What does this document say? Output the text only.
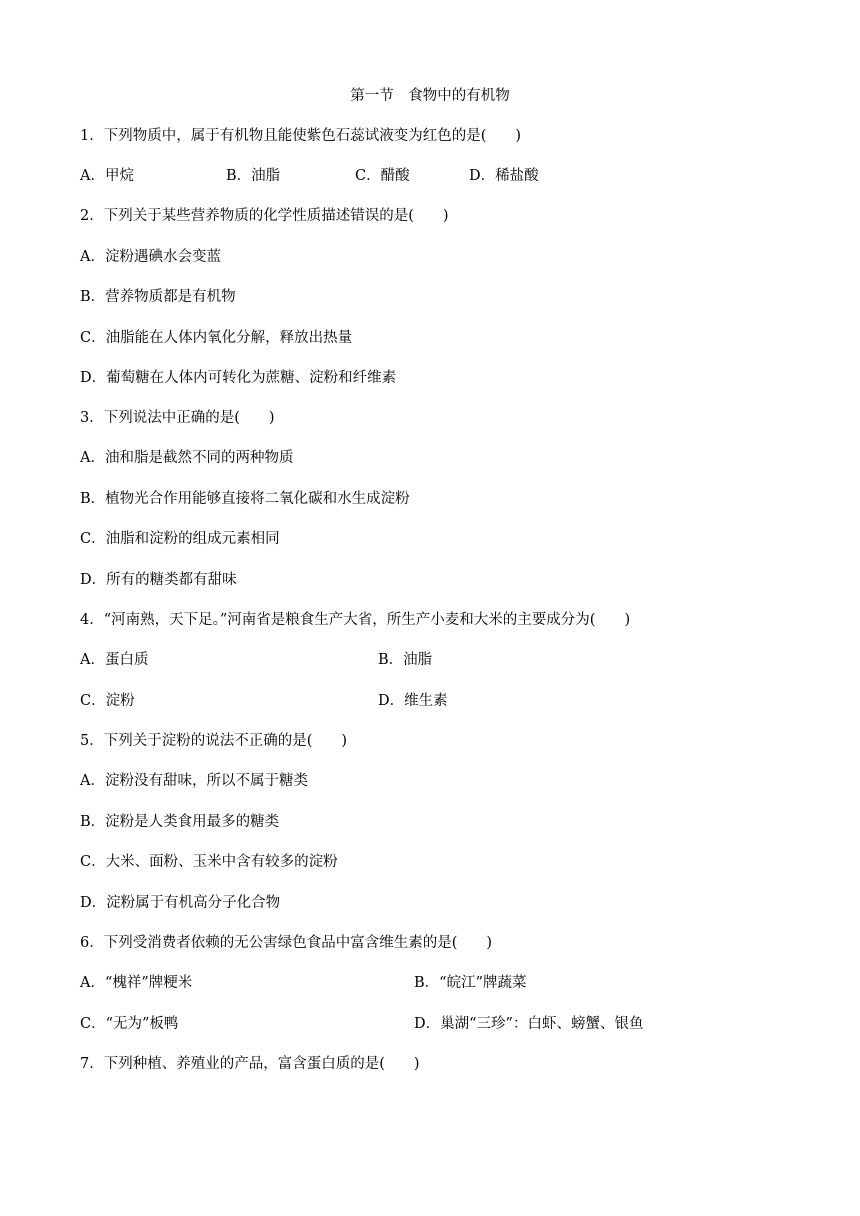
第一节　食物中的有机物
1．下列物质中，属于有机物且能使紫色石蕊试液变为红色的是(　　)
A．甲烷	B．油脂	C．醋酸	D．稀盐酸
2．下列关于某些营养物质的化学性质描述错误的是(　　)
A．淀粉遇碘水会变蓝
B．营养物质都是有机物
C．油脂能在人体内氧化分解，释放出热量
D．葡萄糖在人体内可转化为蔗糖、淀粉和纤维素
3．下列说法中正确的是(　　)
A．油和脂是截然不同的两种物质
B．植物光合作用能够直接将二氧化碳和水生成淀粉
C．油脂和淀粉的组成元素相同
D．所有的糖类都有甜味
4．“河南熟，天下足。”河南省是粮食生产大省，所生产小麦和大米的主要成分为(　　)
A．蛋白质	B．油脂
C．淀粉	D．维生素
5．下列关于淀粉的说法不正确的是(　　)
A．淀粉没有甜味，所以不属于糖类
B．淀粉是人类食用最多的糖类
C．大米、面粉、玉米中含有较多的淀粉
D．淀粉属于有机高分子化合物
6．下列受消费者依赖的无公害绿色食品中富含维生素的是(　　)
A．“槐祥”牌粳米	B．“皖江”牌蔬菜
C．“无为”板鸭	D．巢湖“三珍”：白虾、螃蟹、银鱼
7．下列种植、养殖业的产品，富含蛋白质的是(　　)
